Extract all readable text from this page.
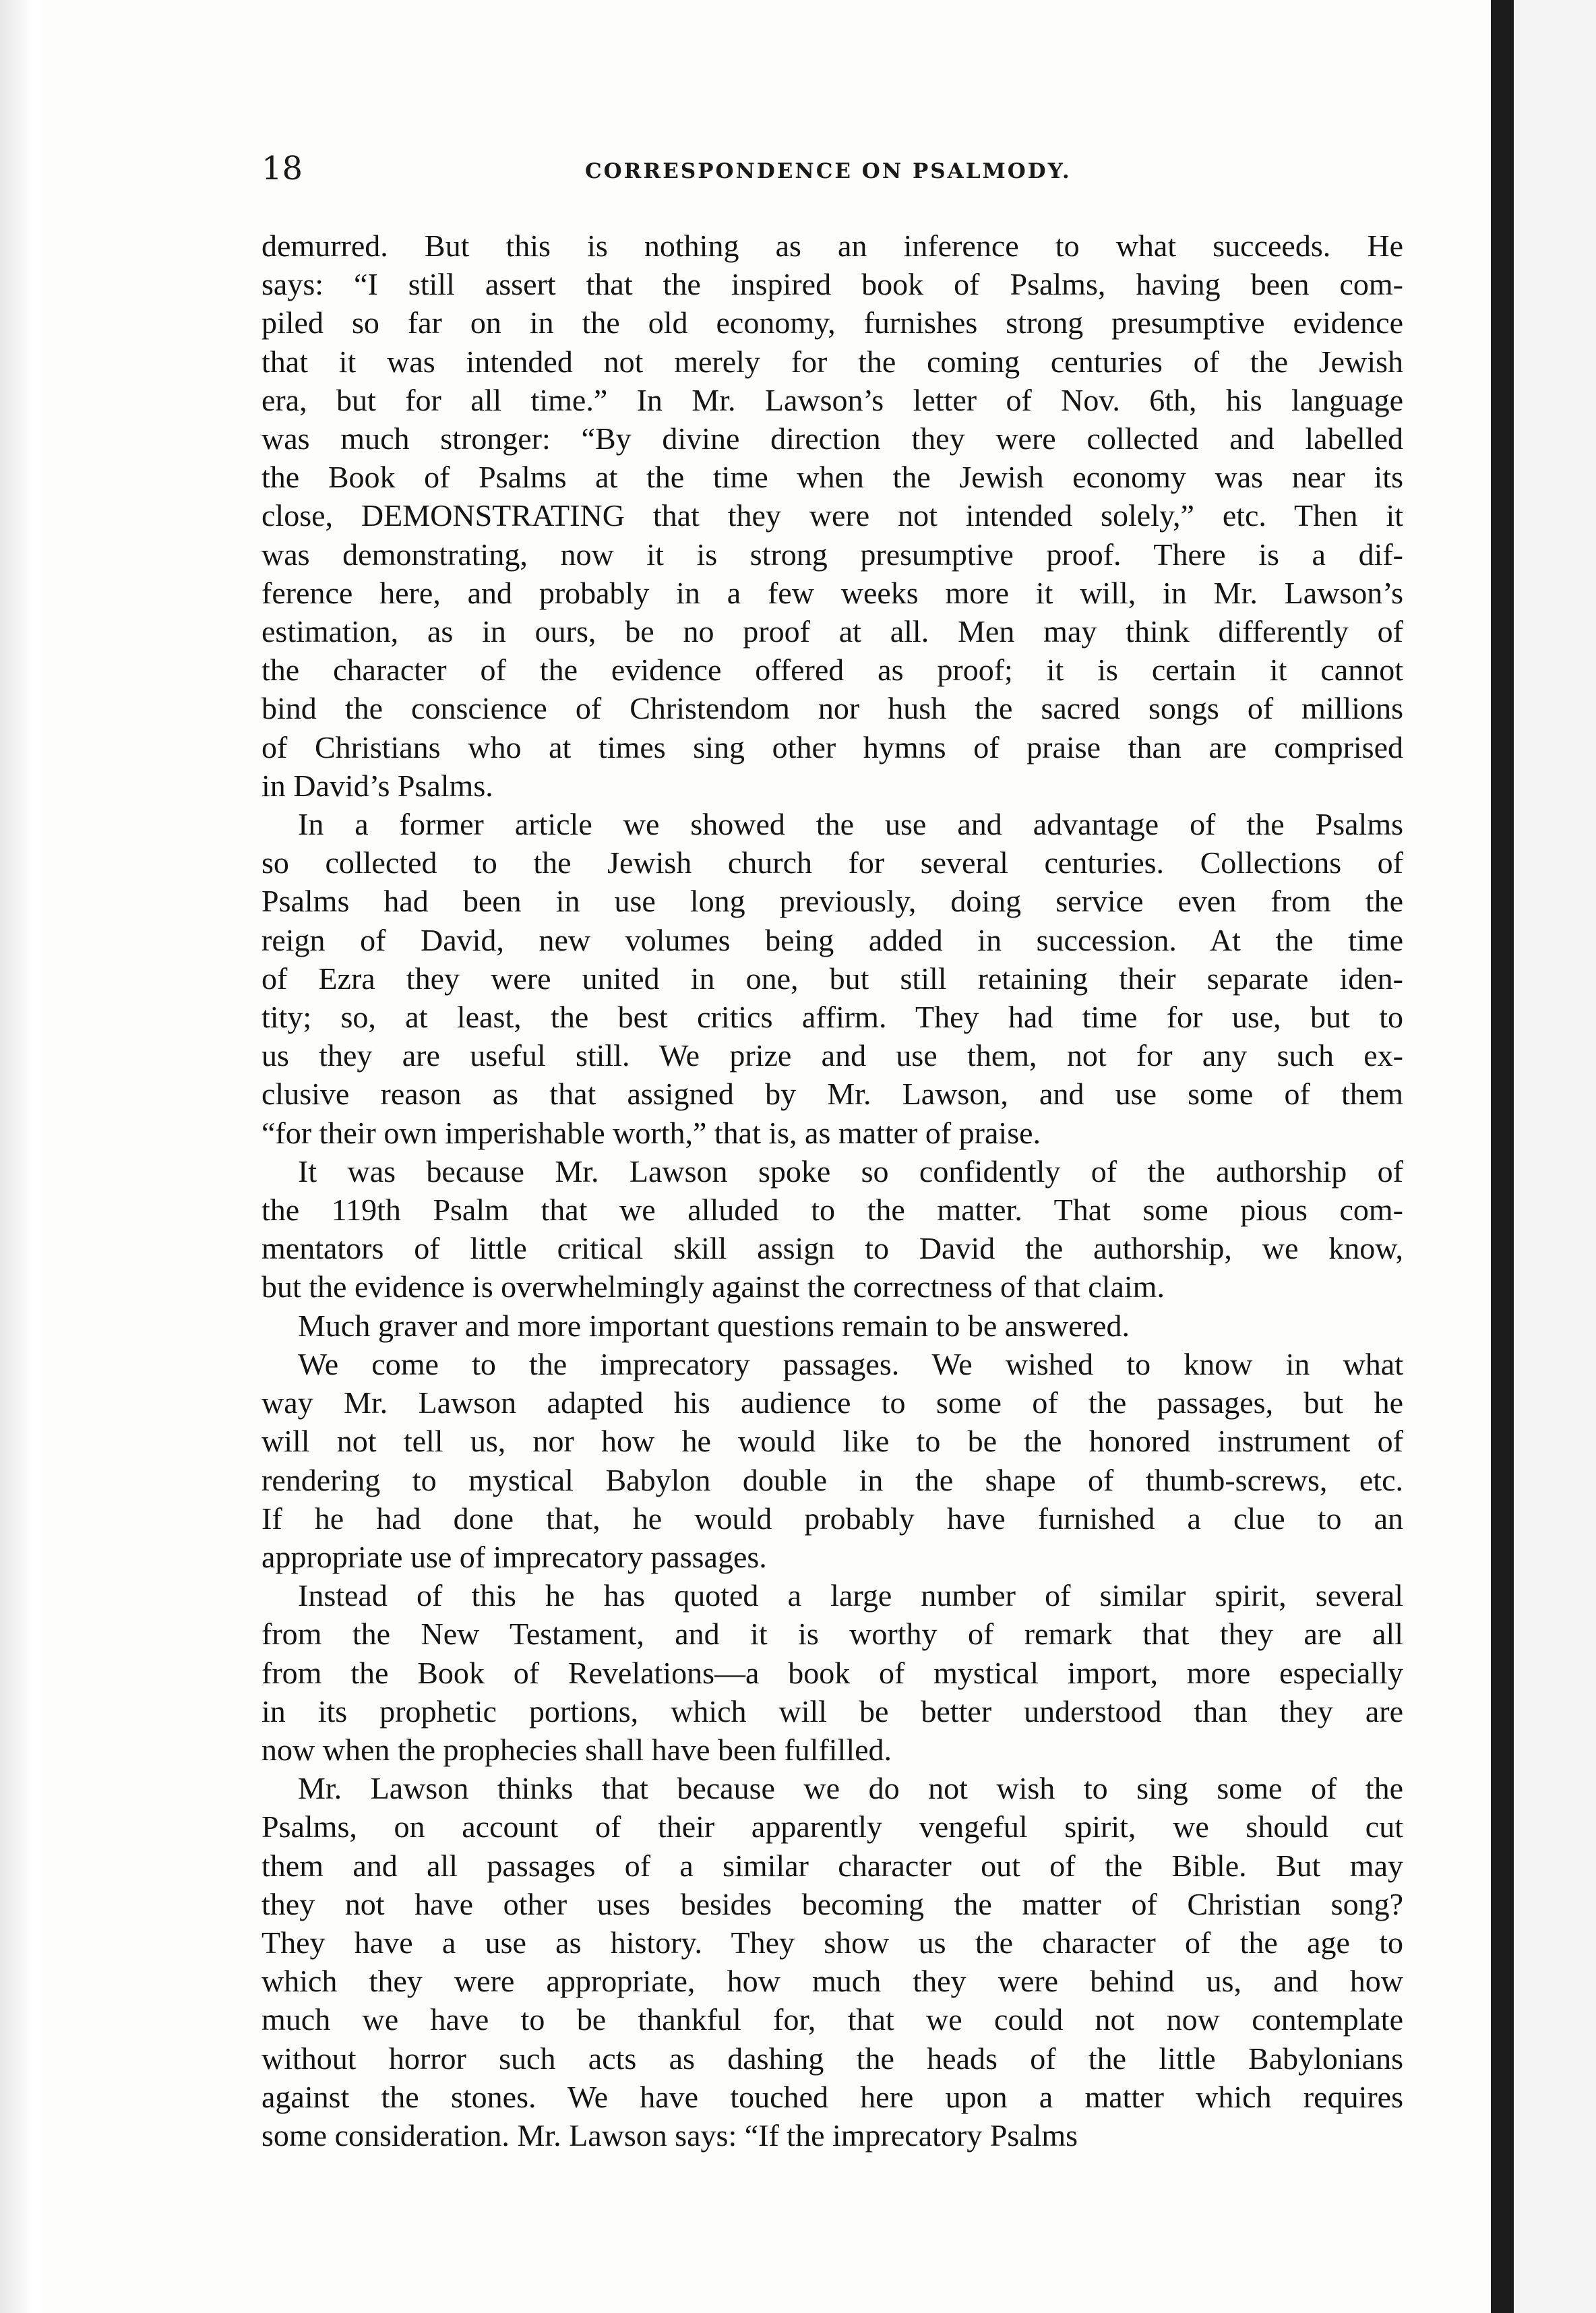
18	CORRESPONDENCE ON PSALMODY.

demurred. But this is nothing as an inference to what succeeds. He

says: “I still assert that the inspired book of Psalms, having been com-

piled so far on in the old economy, furnishes strong presumptive evidence

that it was intended not merely for the coming centuries of the Jewish

era, but for all time.” In Mr. Lawson’s letter of Nov. 6th, his language

was much stronger: “By divine direction they were collected and labelled

the Book of Psalms at the time when the Jewish economy was near its

close, DEMONSTRATING that they were not intended solely,” etc. Then it

was demonstrating, now it is strong presumptive proof. There is a dif-

ference here, and probably in a few weeks more it will, in Mr. Lawson’s

estimation, as in ours, be no proof at all. Men may think differently of

the character of the evidence offered as proof; it is certain it cannot

bind the conscience of Christendom nor hush the sacred songs of millions

of Christians who at times sing other hymns of praise than are comprised

in David’s Psalms.

In a former article we showed the use and advantage of the Psalms

so collected to the Jewish church for several centuries. Collections of

Psalms had been in use long previously, doing service even from the

reign of David, new volumes being added in succession. At the time

of Ezra they were united in one, but still retaining their separate iden-

tity; so, at least, the best critics affirm. They had time for use, but to

us they are useful still. We prize and use them, not for any such ex-

clusive reason as that assigned by Mr. Lawson, and use some of them

“for their own imperishable worth,” that is, as matter of praise.

It was because Mr. Lawson spoke so confidently of the authorship of

the 119th Psalm that we alluded to the matter. That some pious com-

mentators of little critical skill assign to David the authorship, we know,

but the evidence is overwhelmingly against the correctness of that claim.

Much graver and more important questions remain to be answered.

We come to the imprecatory passages. We wished to know in what

way Mr. Lawson adapted his audience to some of the passages, but he

will not tell us, nor how he would like to be the honored instrument of

rendering to mystical Babylon double in the shape of thumb-screws, etc.

If he had done that, he would probably have furnished a clue to an

appropriate use of imprecatory passages.

Instead of this he has quoted a large number of similar spirit, several

from the New Testament, and it is worthy of remark that they are all

from the Book of Revelations—a book of mystical import, more especially

in its prophetic portions, which will be better understood than they are

now when the prophecies shall have been fulfilled.

Mr. Lawson thinks that because we do not wish to sing some of the

Psalms, on account of their apparently vengeful spirit, we should cut

them and all passages of a similar character out of the Bible. But may

they not have other uses besides becoming the matter of Christian song?

They have a use as history. They show us the character of the age to

which they were appropriate, how much they were behind us, and how

much we have to be thankful for, that we could not now contemplate

without horror such acts as dashing the heads of the little Babylonians

against the stones. We have touched here upon a matter which requires

some consideration. Mr. Lawson says: “If the imprecatory Psalms
